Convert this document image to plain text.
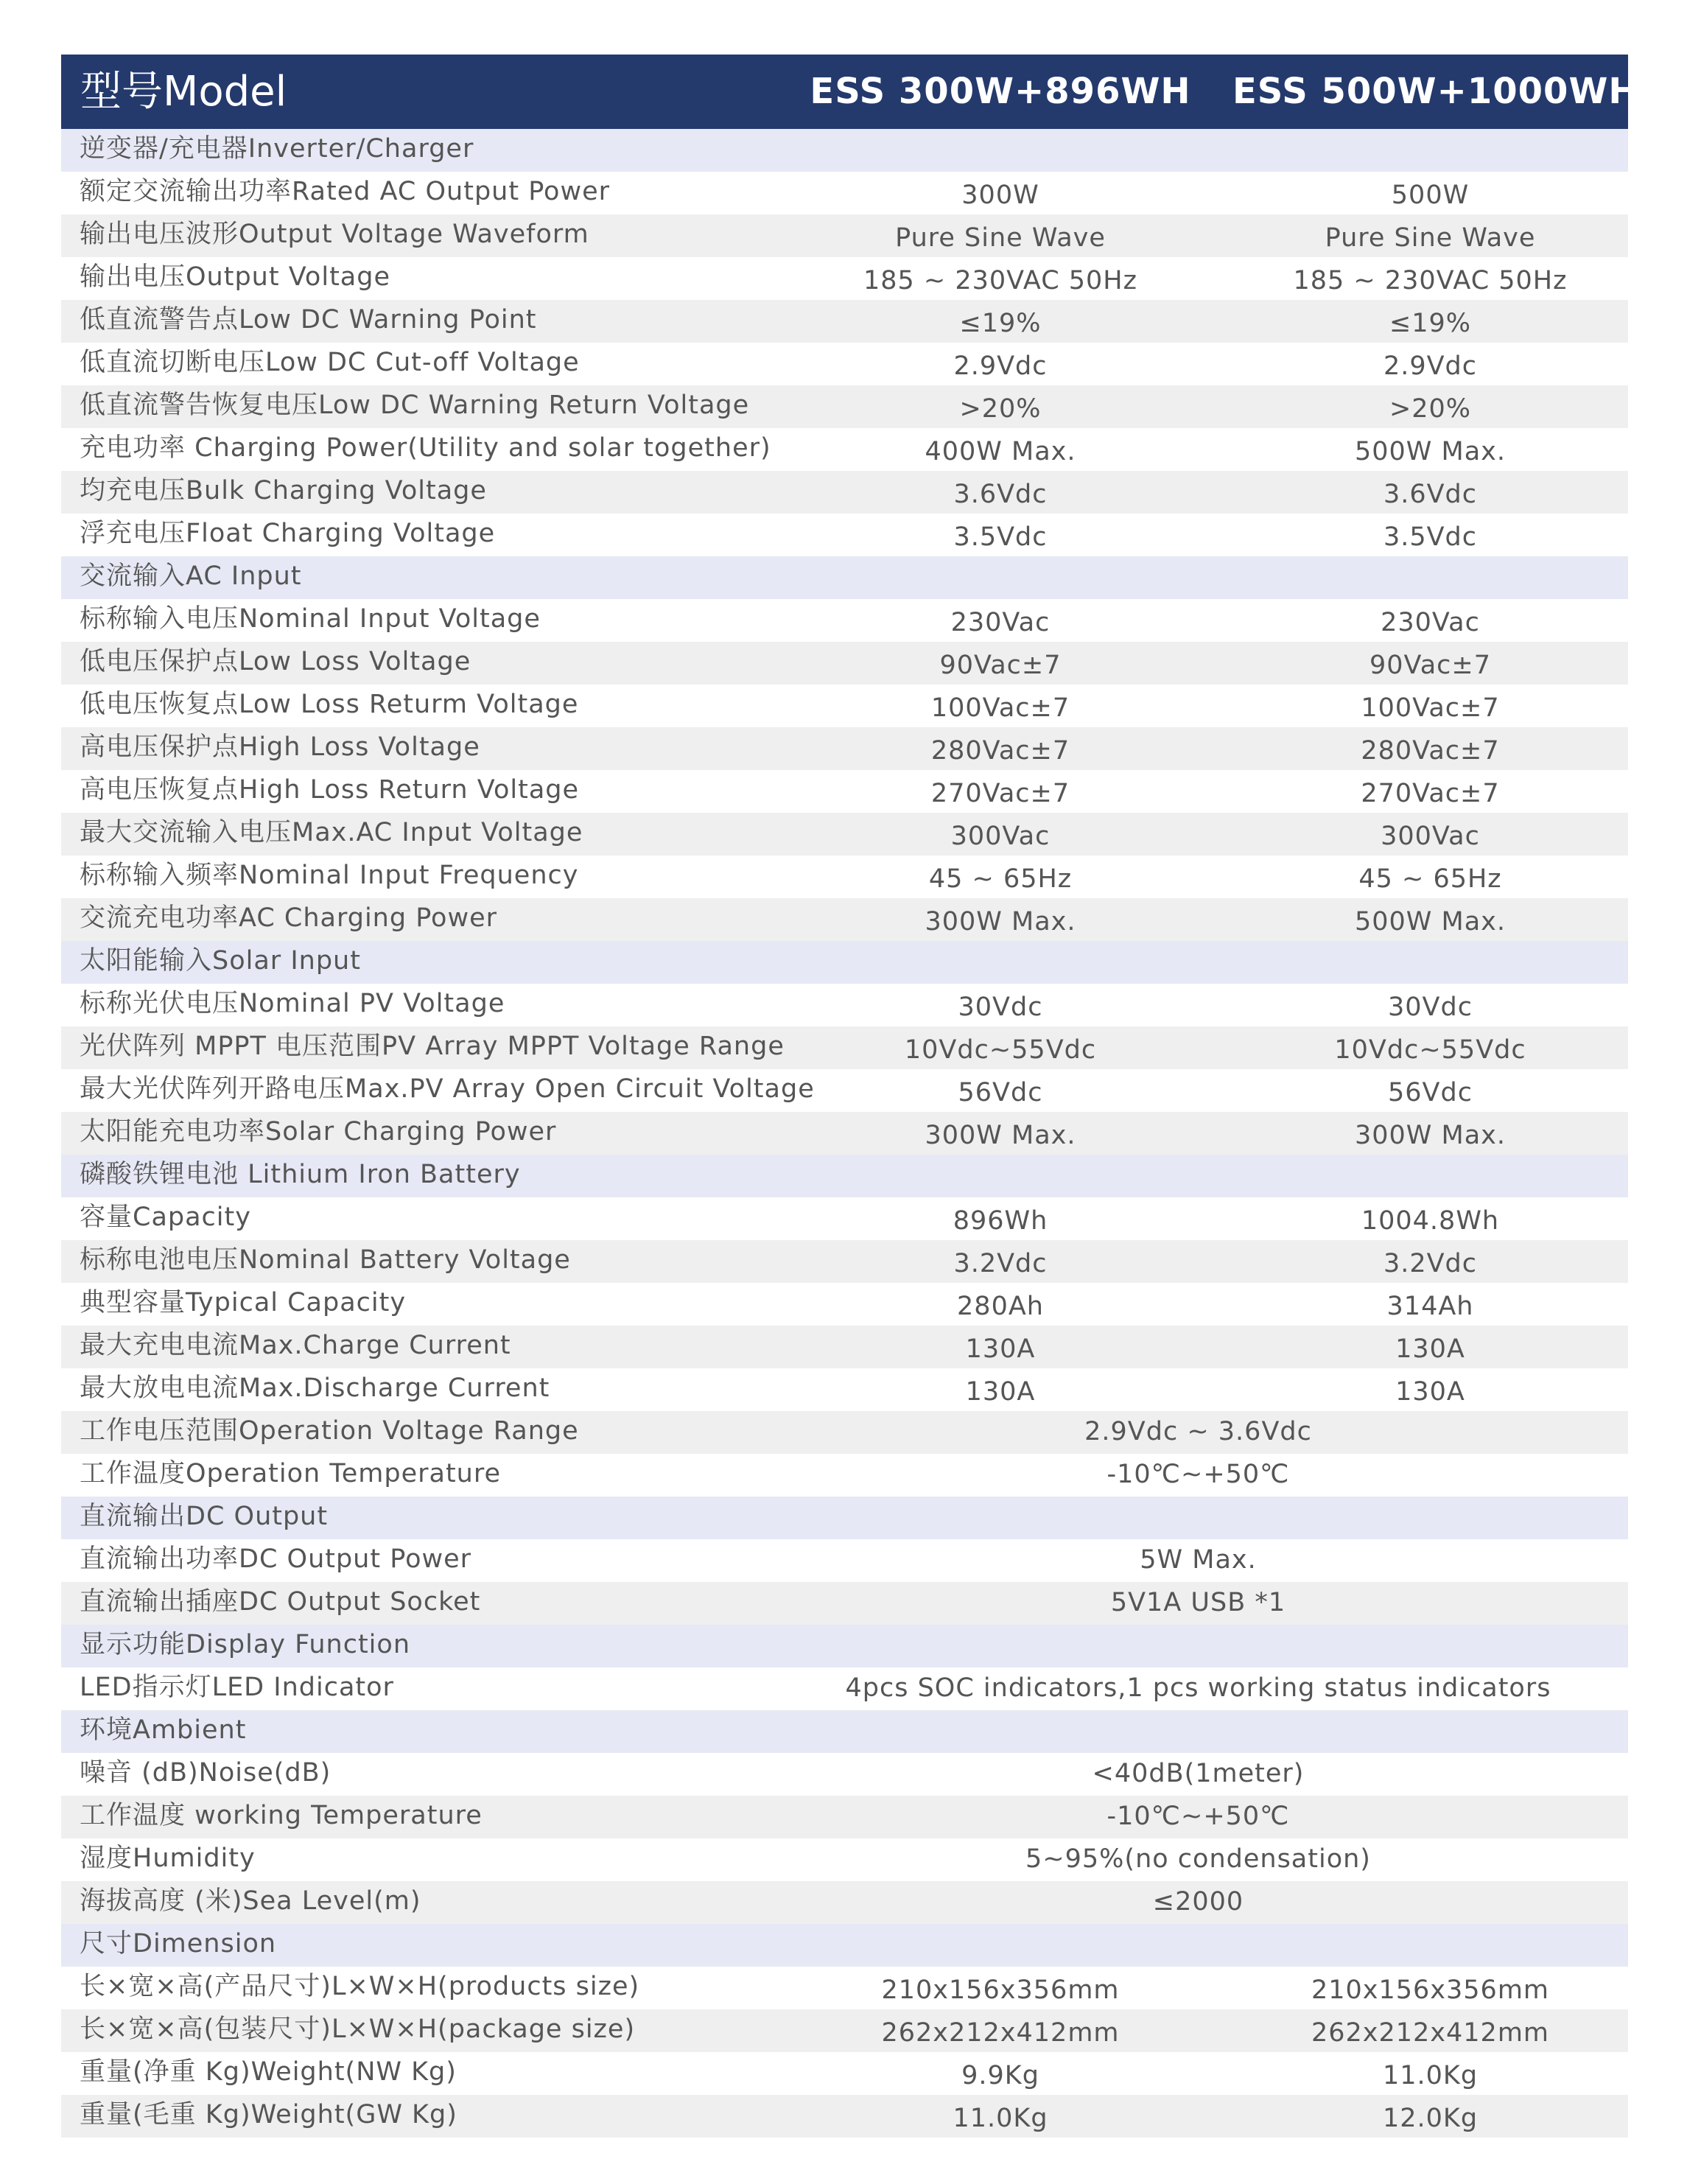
型号Model	ESS 300W+896WH	ESS 500W+1000WH
逆变器/充电器Inverter/Charger
额定交流输出功率Rated AC Output Power	300W	500W
输出电压波形Output Voltage Waveform	Pure Sine Wave	Pure Sine Wave
输出电压Output Voltage	185 ~ 230VAC 50Hz	185 ~ 230VAC 50Hz
低直流警告点Low DC Warning Point	≤19%	≤19%
低直流切断电压Low DC Cut-off Voltage	2.9Vdc	2.9Vdc
低直流警告恢复电压Low DC Warning Return Voltage	>20%	>20%
充电功率 Charging Power(Utility and solar together)	400W Max.	500W Max.
均充电压Bulk Charging Voltage	3.6Vdc	3.6Vdc
浮充电压Float Charging Voltage	3.5Vdc	3.5Vdc
交流输入AC Input
标称输入电压Nominal Input Voltage	230Vac	230Vac
低电压保护点Low Loss Voltage	90Vac±7	90Vac±7
低电压恢复点Low Loss Returm Voltage	100Vac±7	100Vac±7
高电压保护点High Loss Voltage	280Vac±7	280Vac±7
高电压恢复点High Loss Return Voltage	270Vac±7	270Vac±7
最大交流输入电压Max.AC Input Voltage	300Vac	300Vac
标称输入频率Nominal Input Frequency	45 ~ 65Hz	45 ~ 65Hz
交流充电功率AC Charging Power	300W Max.	500W Max.
太阳能输入Solar Input
标称光伏电压Nominal PV Voltage	30Vdc	30Vdc
光伏阵列 MPPT 电压范围PV Array MPPT Voltage Range	10Vdc~55Vdc	10Vdc~55Vdc
最大光伏阵列开路电压Max.PV Array Open Circuit Voltage	56Vdc	56Vdc
太阳能充电功率Solar Charging Power	300W Max.	300W Max.
磷酸铁锂电池 Lithium Iron Battery
容量Capacity	896Wh	1004.8Wh
标称电池电压Nominal Battery Voltage	3.2Vdc	3.2Vdc
典型容量Typical Capacity	280Ah	314Ah
最大充电电流Max.Charge Current	130A	130A
最大放电电流Max.Discharge Current	130A	130A
工作电压范围Operation Voltage Range	2.9Vdc ~ 3.6Vdc
工作温度Operation Temperature	-10℃~+50℃
直流输出DC Output
直流输出功率DC Output Power	5W Max.
直流输出插座DC Output Socket	5V1A USB *1
显示功能Display Function
LED指示灯LED Indicator	4pcs SOC indicators,1 pcs working status indicators
环境Ambient
噪音 (dB)Noise(dB)	<40dB(1meter)
工作温度 working Temperature	-10℃~+50℃
湿度Humidity	5~95%(no condensation)
海拔高度 (米)Sea Level(m)	≤2000
尺寸Dimension
长×宽×高(产品尺寸)L×W×H(products size)	210x156x356mm	210x156x356mm
长×宽×高(包装尺寸)L×W×H(package size)	262x212x412mm	262x212x412mm
重量(净重 Kg)Weight(NW Kg)	9.9Kg	11.0Kg
重量(毛重 Kg)Weight(GW Kg)	11.0Kg	12.0Kg
